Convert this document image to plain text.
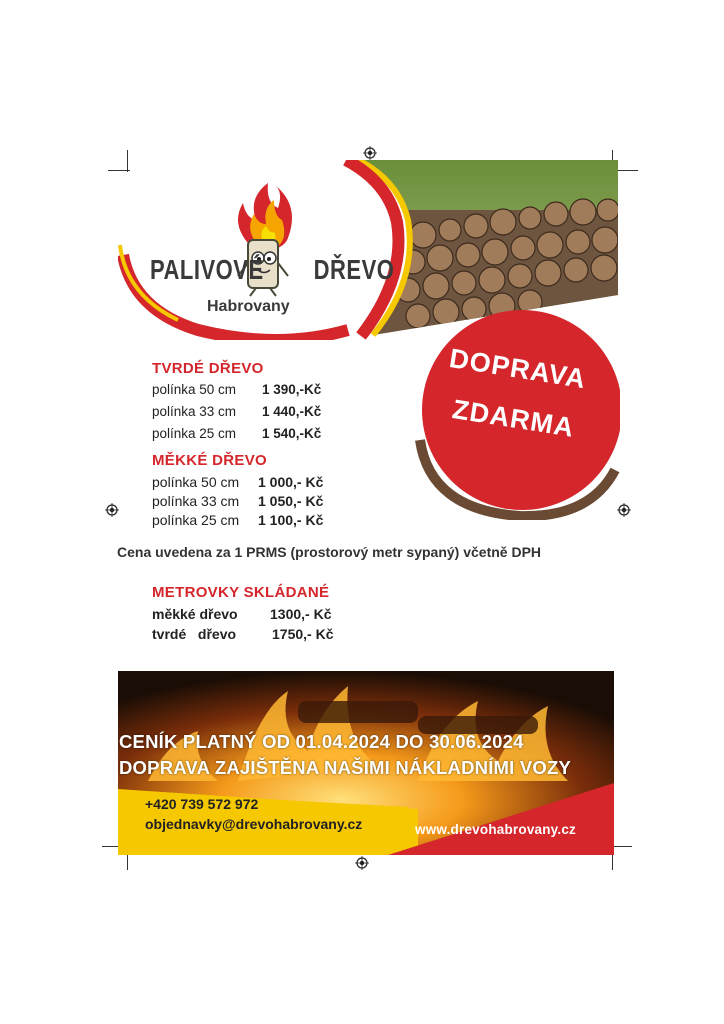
PALIVOVÉ DŘEVO
Habrovany
DOPRAVA
ZDARMA
TVRDÉ DŘEVO
polínka 50 cm 1 390,-Kč
polínka 33 cm 1 440,-Kč
polínka 25 cm 1 540,-Kč
MĚKKÉ DŘEVO
polínka 50 cm 1 000,- Kč
polínka 33 cm 1 050,- Kč
polínka 25 cm 1 100,- Kč
Cena uvedena za 1 PRMS (prostorový metr sypaný) včetně DPH
METROVKY SKLÁDANÉ
měkké dřevo 1300,- Kč
tvrdé   dřevo	1750,- Kč
CENÍK PLATNÝ OD 01.04.2024 DO 30.06.2024
DOPRAVA ZAJIŠTĚNA NAŠIMI NÁKLADNÍMI VOZY
+420 739 572 972
objednavky@drevohabrovany.cz	www.drevohabrovany.cz
